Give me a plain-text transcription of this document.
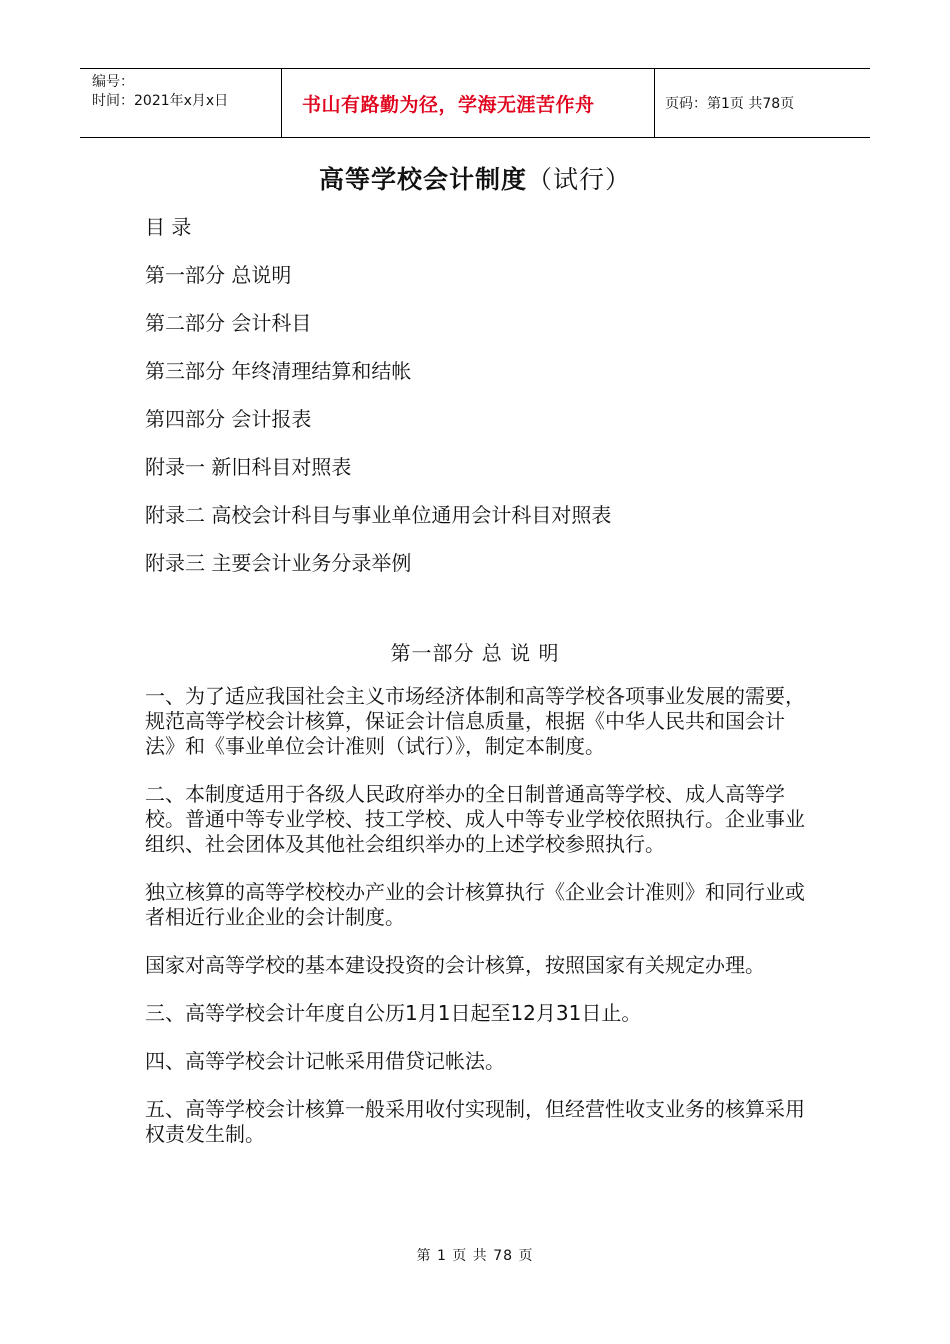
编号：
时间：2021年x月x日	书山有路勤为径，学海无涯苦作舟	页码：第1页 共78页
高等学校会计制度（试行）
目 录
第一部分 总说明
第二部分 会计科目
第三部分 年终清理结算和结帐
第四部分 会计报表
附录一 新旧科目对照表
附录二 高校会计科目与事业单位通用会计科目对照表
附录三 主要会计业务分录举例
第一部分 总 说 明

一、为了适应我国社会主义市场经济体制和高等学校各项事业发展的需要，规范高等学校会计核算，保证会计信息质量，根据《中华人民共和国会计法》和《事业单位会计准则（试行）》，制定本制度。

二、本制度适用于各级人民政府举办的全日制普通高等学校、成人高等学校。普通中等专业学校、技工学校、成人中等专业学校依照执行。企业事业组织、社会团体及其他社会组织举办的上述学校参照执行。

独立核算的高等学校校办产业的会计核算执行《企业会计准则》和同行业或者相近行业企业的会计制度。

国家对高等学校的基本建设投资的会计核算，按照国家有关规定办理。

三、高等学校会计年度自公历1月1日起至12月31日止。

四、高等学校会计记帐采用借贷记帐法。

五、高等学校会计核算一般采用收付实现制，但经营性收支业务的核算采用权责发生制。

第 1 页 共 78 页
